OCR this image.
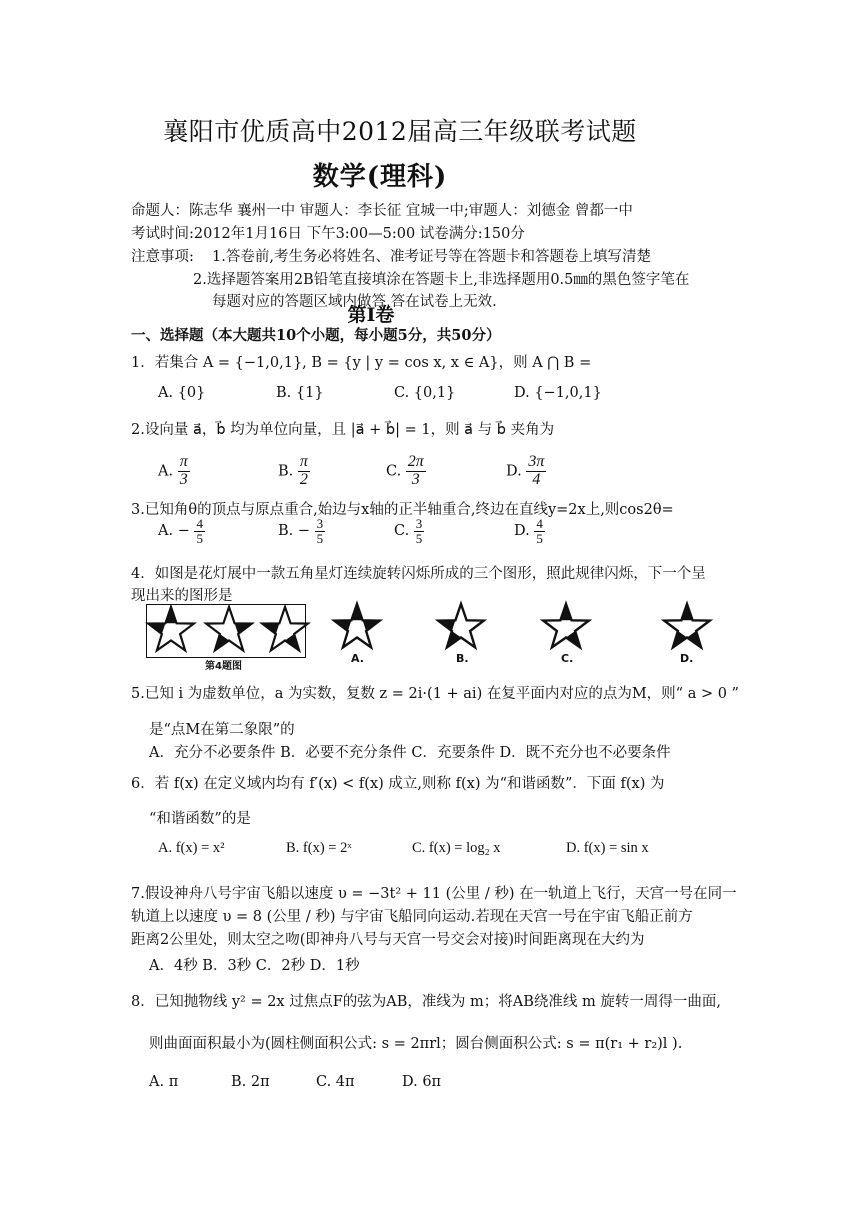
襄阳市优质高中2012届高三年级联考试题
数学(理科)
命题人：陈志华 襄州一中 审题人：李长征 宜城一中;审题人：刘德金 曾都一中
考试时间:2012年1月16日 下午3:00—5:00 试卷满分:150分
注意事项: 1.答卷前,考生务必将姓名、准考证号等在答题卡和答题卷上填写清楚
2.选择题答案用2B铅笔直接填涂在答题卡上,非选择题用0.5㎜的黑色签字笔在
每题对应的答题区域内做答,答在试卷上无效.
第Ⅰ卷
一、选择题（本大题共10个小题，每小题5分，共50分）
1．若集合 A = {−1,0,1}, B = {y | y = cos x, x ∈ A}，则 A ⋂ B =
A. {0}	B. {1}	C. {0,1}	D. {−1,0,1}
2.设向量 a⃗，b⃗ 均为单位向量，且 |a⃗ + b⃗| = 1，则 a⃗ 与 b⃗ 夹角为
A. $\frac{\pi}{3}$	B. $\frac{\pi}{2}$	C. $\frac{2\pi}{3}$	D. $\frac{3\pi}{4}$
3.已知角θ的顶点与原点重合,始边与x轴的正半轴重合,终边在直线y=2x上,则cos2θ=
A. − $\frac{4}{5}$	B. − $\frac{3}{5}$	C. $\frac{3}{5}$	D. $\frac{4}{5}$
4．如图是花灯展中一款五角星灯连续旋转闪烁所成的三个图形，照此规律闪烁，下一个呈
现出来的图形是
第4题图
A.	B.	C.	D.
5.已知 i 为虚数单位，a 为实数，复数 z = 2i·(1 + ai) 在复平面内对应的点为M，则“ a > 0 ”
是“点M在第二象限”的
A．充分不必要条件 B．必要不充分条件 C．充要条件 D．既不充分也不必要条件
6．若 f(x) 在定义域内均有 f′(x) < f(x) 成立,则称 f(x) 为“和谐函数”．下面 f(x) 为
“和谐函数”的是
A. f(x) = x²	B. f(x) = 2ˣ	C. f(x) = log₂ x	D. f(x) = sin x
7.假设神舟八号宇宙飞船以速度 υ = −3t² + 11 (公里 / 秒) 在一轨道上飞行，天宫一号在同一
轨道上以速度 υ = 8 (公里 / 秒) 与宇宙飞船同向运动.若现在天宫一号在宇宙飞船正前方
距离2公里处，则太空之吻(即神舟八号与天宫一号交会对接)时间距离现在大约为
A．4秒 B．3秒 C．2秒 D．1秒
8．已知抛物线 y² = 2x 过焦点F的弦为AB，准线为 m；将AB绕准线 m 旋转一周得一曲面,
则曲面面积最小为(圆柱侧面积公式: s = 2πrl；圆台侧面积公式: s = π(r₁ + r₂)l ).
A. π	B. 2π	C. 4π	D. 6π
